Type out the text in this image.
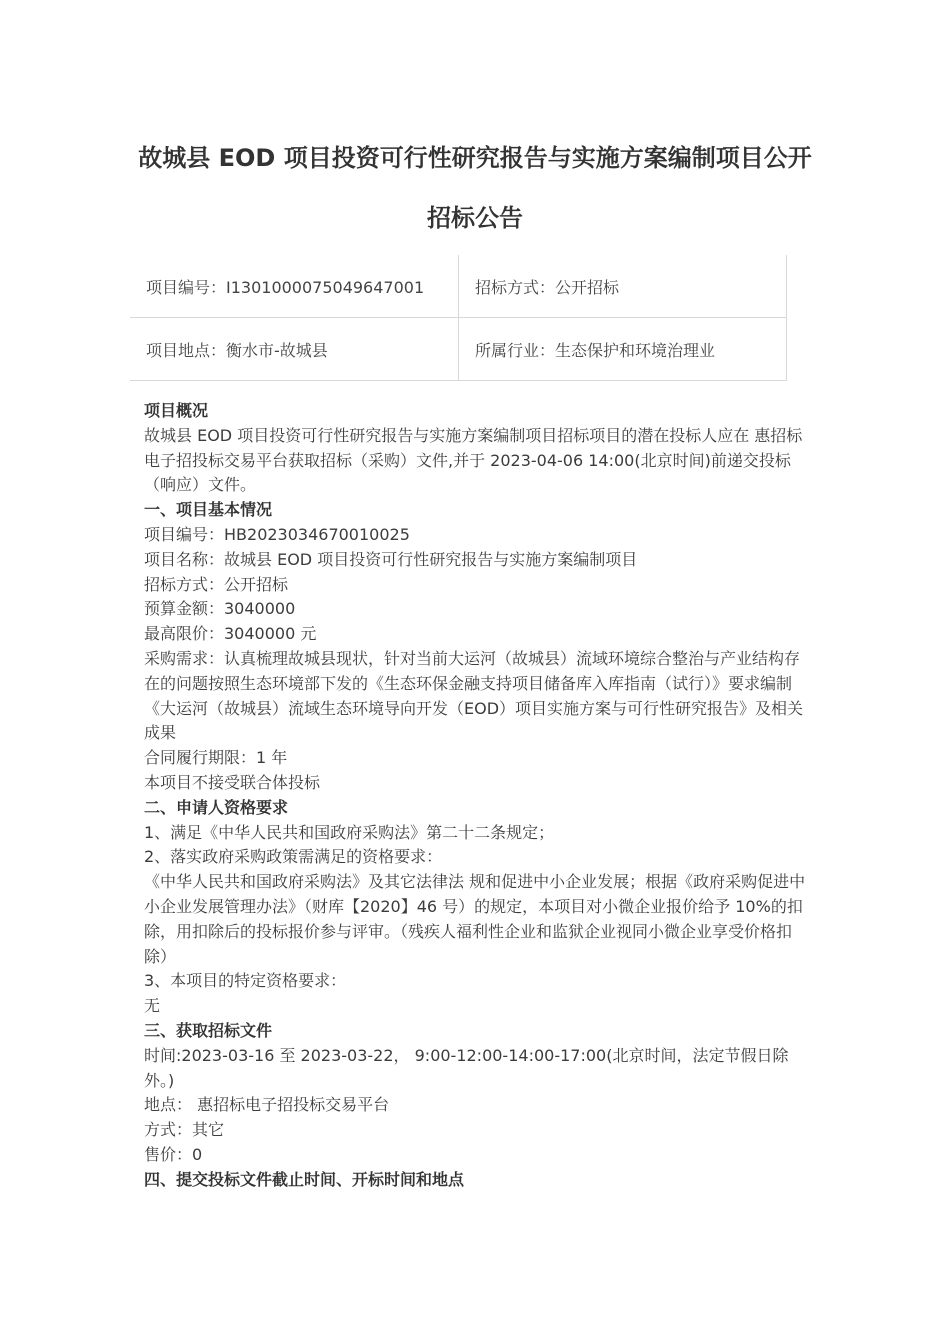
故城县 EOD 项目投资可行性研究报告与实施方案编制项目公开招标公告
项目编号：I1301000075049647001	招标方式：公开招标
项目地点：衡水市-故城县	所属行业：生态保护和环境治理业

项目概况

故城县 EOD 项目投资可行性研究报告与实施方案编制项目招标项目的潜在投标人应在 惠招标电子招投标交易平台获取招标（采购）文件,并于 2023-04-06 14:00(北京时间)前递交投标（响应）文件。

一、项目基本情况

项目编号：HB2023034670010025

项目名称：故城县 EOD 项目投资可行性研究报告与实施方案编制项目

招标方式：公开招标

预算金额：3040000

最高限价：3040000 元

采购需求：认真梳理故城县现状，针对当前大运河（故城县）流域环境综合整治与产业结构存在的问题按照生态环境部下发的《生态环保金融支持项目储备库入库指南（试行）》要求编制《大运河（故城县）流域生态环境导向开发（EOD）项目实施方案与可行性研究报告》及相关成果

合同履行期限：1 年

本项目不接受联合体投标

二、申请人资格要求

1、满足《中华人民共和国政府采购法》第二十二条规定；

2、落实政府采购政策需满足的资格要求：

《中华人民共和国政府采购法》及其它法律法 规和促进中小企业发展；根据《政府采购促进中小企业发展管理办法》（财库【2020】46 号）的规定，本项目对小微企业报价给予 10%的扣除，用扣除后的投标报价参与评审。（残疾人福利性企业和监狱企业视同小微企业享受价格扣除）

3、本项目的特定资格要求：

无

三、获取招标文件

时间:2023-03-16 至 2023-03-22， 9:00-12:00-14:00-17:00(北京时间，法定节假日除外。)

地点： 惠招标电子招投标交易平台

方式：其它

售价：0

四、提交投标文件截止时间、开标时间和地点
